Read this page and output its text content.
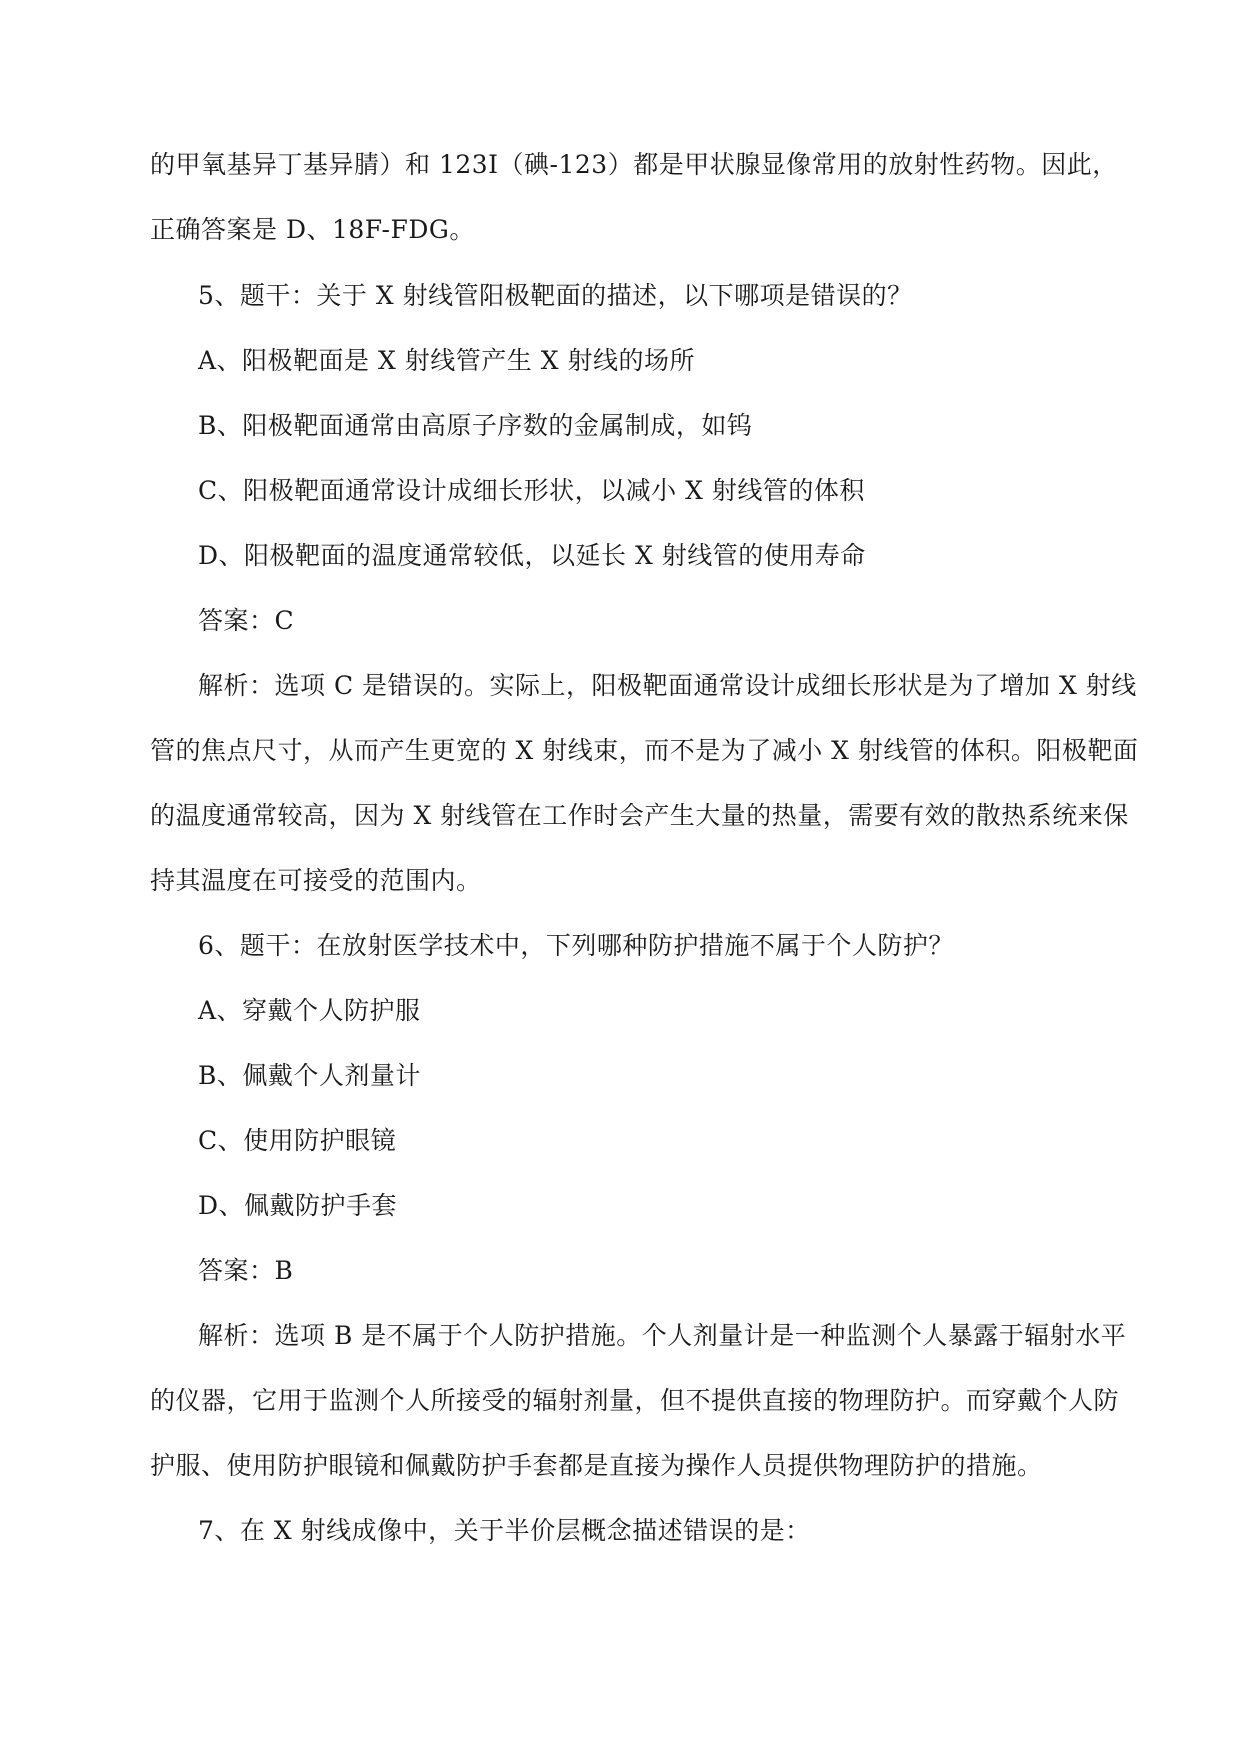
的甲氧基异丁基异腈）和 123I（碘-123）都是甲状腺显像常用的放射性药物。因此，
正确答案是 D、18F-FDG。
5、题干：关于 X 射线管阳极靶面的描述，以下哪项是错误的？
A、阳极靶面是 X 射线管产生 X 射线的场所
B、阳极靶面通常由高原子序数的金属制成，如钨
C、阳极靶面通常设计成细长形状，以减小 X 射线管的体积
D、阳极靶面的温度通常较低，以延长 X 射线管的使用寿命
答案：C
解析：选项 C 是错误的。实际上，阳极靶面通常设计成细长形状是为了增加 X 射线
管的焦点尺寸，从而产生更宽的 X 射线束，而不是为了减小 X 射线管的体积。阳极靶面
的温度通常较高，因为 X 射线管在工作时会产生大量的热量，需要有效的散热系统来保
持其温度在可接受的范围内。
6、题干：在放射医学技术中，下列哪种防护措施不属于个人防护？
A、穿戴个人防护服
B、佩戴个人剂量计
C、使用防护眼镜
D、佩戴防护手套
答案：B
解析：选项 B 是不属于个人防护措施。个人剂量计是一种监测个人暴露于辐射水平
的仪器，它用于监测个人所接受的辐射剂量，但不提供直接的物理防护。而穿戴个人防
护服、使用防护眼镜和佩戴防护手套都是直接为操作人员提供物理防护的措施。
7、在 X 射线成像中，关于半价层概念描述错误的是：
